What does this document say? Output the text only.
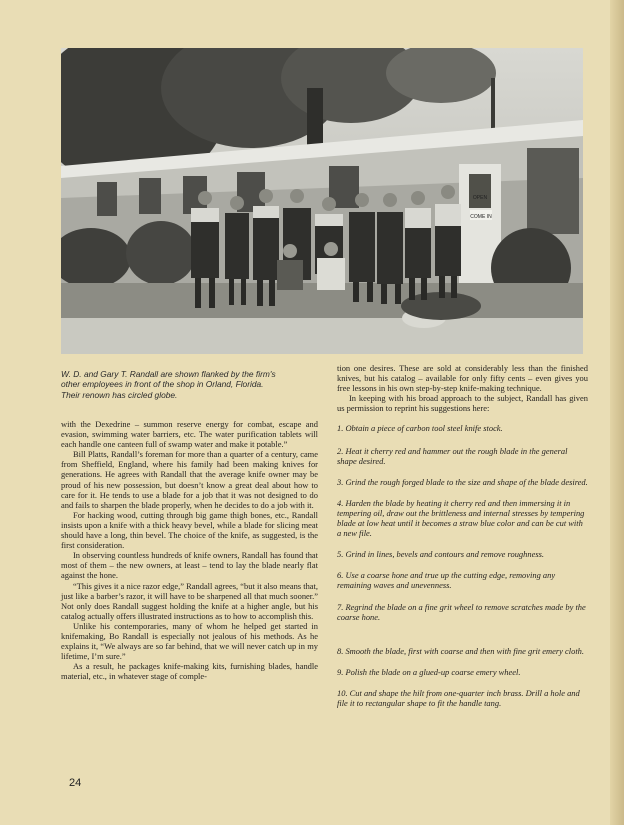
OPEN
COME IN
W. D. and Gary T. Randall are shown flanked by the firm's other employees in front of the shop in Orland, Florida. Their renown has circled globe.

with the Dexedrine – summon reserve energy for combat, escape and evasion, swimming water barriers, etc. The water purification tablets will each handle one canteen full of swamp water and make it potable.”

Bill Platts, Randall’s foreman for more than a quarter of a century, came from Sheffield, England, where his family had been making knives for generations. He agrees with Randall that the average knife owner may be proud of his new possession, but doesn’t know a great deal about how to care for it. He tends to use a blade for a job that it was not designed to do and fails to sharpen the blade properly, when he decides to do a job with it.

For hacking wood, cutting through big game thigh bones, etc., Randall insists upon a knife with a thick heavy bevel, while a blade for slicing meat should have a long, thin bevel. The choice of the knife, as suggested, is the first consideration.

In observing countless hundreds of knife owners, Randall has found that most of them – the new owners, at least – tend to lay the blade nearly flat against the hone.

“This gives it a nice razor edge,” Randall agrees, “but it also means that, just like a barber’s razor, it will have to be sharpened all that much sooner.” Not only does Randall suggest holding the knife at a higher angle, but his catalog actually offers illustrated instructions as to how to accomplish this.

Unlike his contemporaries, many of whom he helped get started in knifemaking, Bo Randall is especially not jealous of his methods. As he explains it, “We always are so far behind, that we will never catch up in my lifetime, I’m sure.”

As a result, he packages knife-making kits, furnishing blades, handle material, etc., in whatever stage of comple-

tion one desires. These are sold at considerably less than the finished knives, but his catalog – available for only fifty cents – even gives you free lessons in his own step-by-step knife-making technique.

In keeping with his broad approach to the subject, Randall has given us permission to reprint his suggestions here:

1. Obtain a piece of carbon tool steel knife stock.

2. Heat it cherry red and hammer out the rough blade in the general shape desired.

3. Grind the rough forged blade to the size and shape of the blade desired.

4. Harden the blade by heating it cherry red and then immersing it in tempering oil, draw out the brittleness and internal stresses by tempering blade at low heat until it becomes a straw blue color and can be cut with a new file.

5. Grind in lines, bevels and contours and remove roughness.

6. Use a coarse hone and true up the cutting edge, removing any remaining waves and unevenness.

7. Regrind the blade on a fine grit wheel to remove scratches made by the coarse hone.

8. Smooth the blade, first with coarse and then with fine grit emery cloth.

9. Polish the blade on a glued-up coarse emery wheel.

10. Cut and shape the hilt from one-quarter inch brass. Drill a hole and file it to rectangular shape to fit the handle tang.

24
